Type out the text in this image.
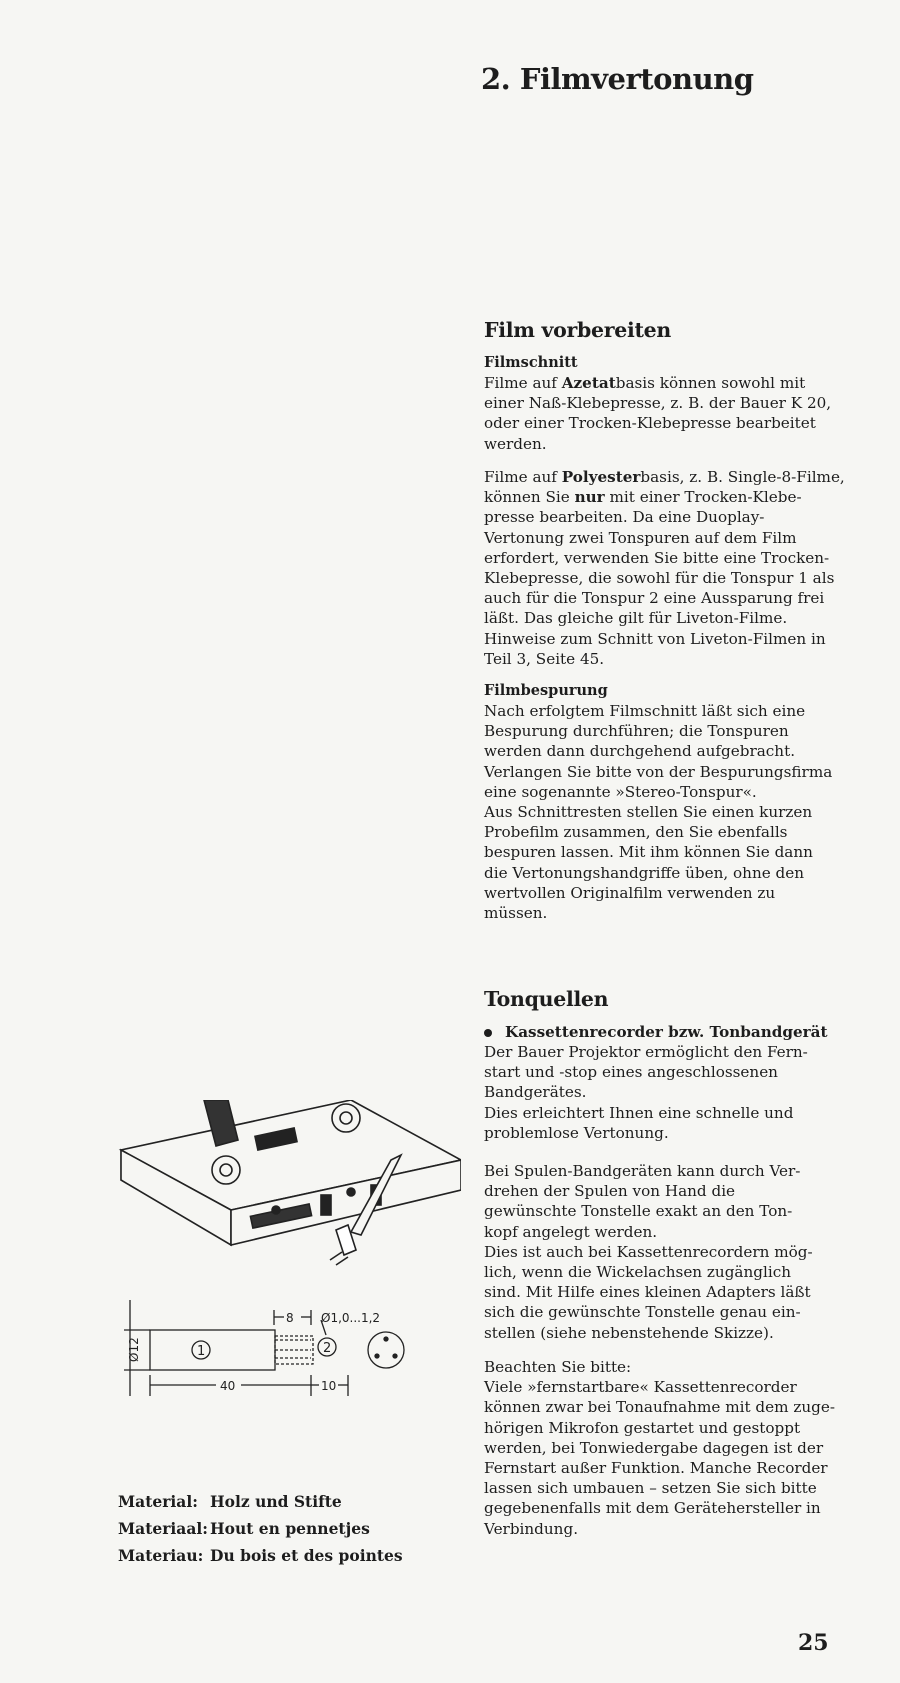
2. Filmvertonung
Film vorbereiten
Filmschnitt
Filme auf Azetatbasis können sowohl mit
einer Naß-Klebepresse, z. B. der Bauer K 20,
oder einer Trocken-Klebepresse bearbeitet
werden.
Filme auf Polyesterbasis, z. B. Single-8-Filme,
können Sie nur mit einer Trocken-Klebe-
presse bearbeiten. Da eine Duoplay-
Vertonung zwei Tonspuren auf dem Film
erfordert, verwenden Sie bitte eine Trocken-
Klebepresse, die sowohl für die Tonspur 1 als
auch für die Tonspur 2 eine Aussparung frei
läßt. Das gleiche gilt für Liveton-Filme.
Hinweise zum Schnitt von Liveton-Filmen in
Teil 3, Seite 45.
Filmbespurung
Nach erfolgtem Filmschnitt läßt sich eine
Bespurung durchführen; die Tonspuren
werden dann durchgehend aufgebracht.
Verlangen Sie bitte von der Bespurungsfirma
eine sogenannte »Stereo-Tonspur«.
Aus Schnittresten stellen Sie einen kurzen
Probefilm zusammen, den Sie ebenfalls
bespuren lassen. Mit ihm können Sie dann
die Vertonungshandgriffe üben, ohne den
wertvollen Originalfilm verwenden zu
müssen.
Tonquellen
Kassettenrecorder bzw. Tonbandgerät
Der Bauer Projektor ermöglicht den Fern-
start und -stop eines angeschlossenen
Bandgerätes.
Dies erleichtert Ihnen eine schnelle und
problemlose Vertonung.
Bei Spulen-Bandgeräten kann durch Ver-
drehen der Spulen von Hand die
gewünschte Tonstelle exakt an den Ton-
kopf angelegt werden.
Dies ist auch bei Kassettenrecordern mög-
lich, wenn die Wickelachsen zugänglich
sind. Mit Hilfe eines kleinen Adapters läßt
sich die gewünschte Tonstelle genau ein-
stellen (siehe nebenstehende Skizze).
Beachten Sie bitte:
Viele »fernstartbare« Kassettenrecorder
können zwar bei Tonaufnahme mit dem zuge-
hörigen Mikrofon gestartet und gestoppt
werden, bei Tonwiedergabe dagegen ist der
Fernstart außer Funktion. Manche Recorder
lassen sich umbauen – setzen Sie sich bitte
gegebenenfalls mit dem Gerätehersteller in
Verbindung.
1	2
8 Ø1,0...1,2
Ø12
40	10
Material: Holz und Stifte
Materiaal: Hout en pennetjes
Materiau: Du bois et des pointes
25
